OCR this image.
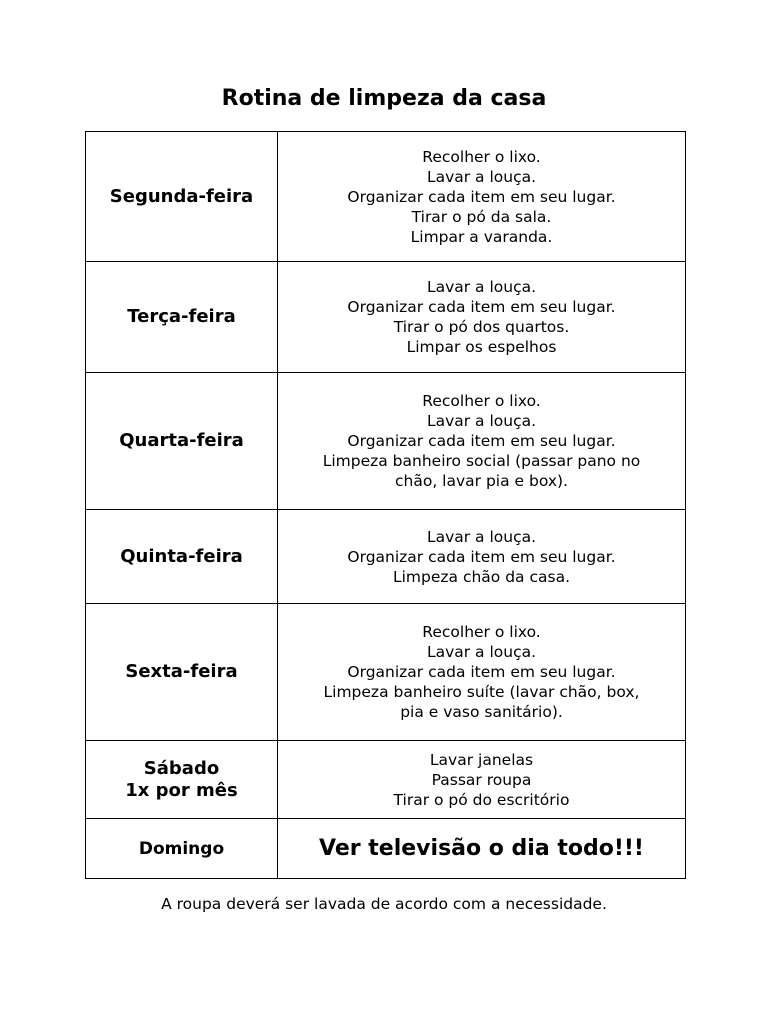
Rotina de limpeza da casa
Segunda-feira	Recolher o lixo.
Lavar a louça.
Organizar cada item em seu lugar.
Tirar o pó da sala.
Limpar a varanda.

Terça-feira	Lavar a louça.
Organizar cada item em seu lugar.
Tirar o pó dos quartos.
Limpar os espelhos

Quarta-feira	Recolher o lixo.
Lavar a louça.
Organizar cada item em seu lugar.
Limpeza banheiro social (passar pano no
chão, lavar pia e box).

Quinta-feira	Lavar a louça.
Organizar cada item em seu lugar.
Limpeza chão da casa.

Sexta-feira	Recolher o lixo.
Lavar a louça.
Organizar cada item em seu lugar.
Limpeza banheiro suíte (lavar chão, box,
pia e vaso sanitário).

Sábado
1x por mês	Lavar janelas
Passar roupa
Tirar o pó do escritório

Domingo	Ver televisão o dia todo!!!
A roupa deverá ser lavada de acordo com a necessidade.
